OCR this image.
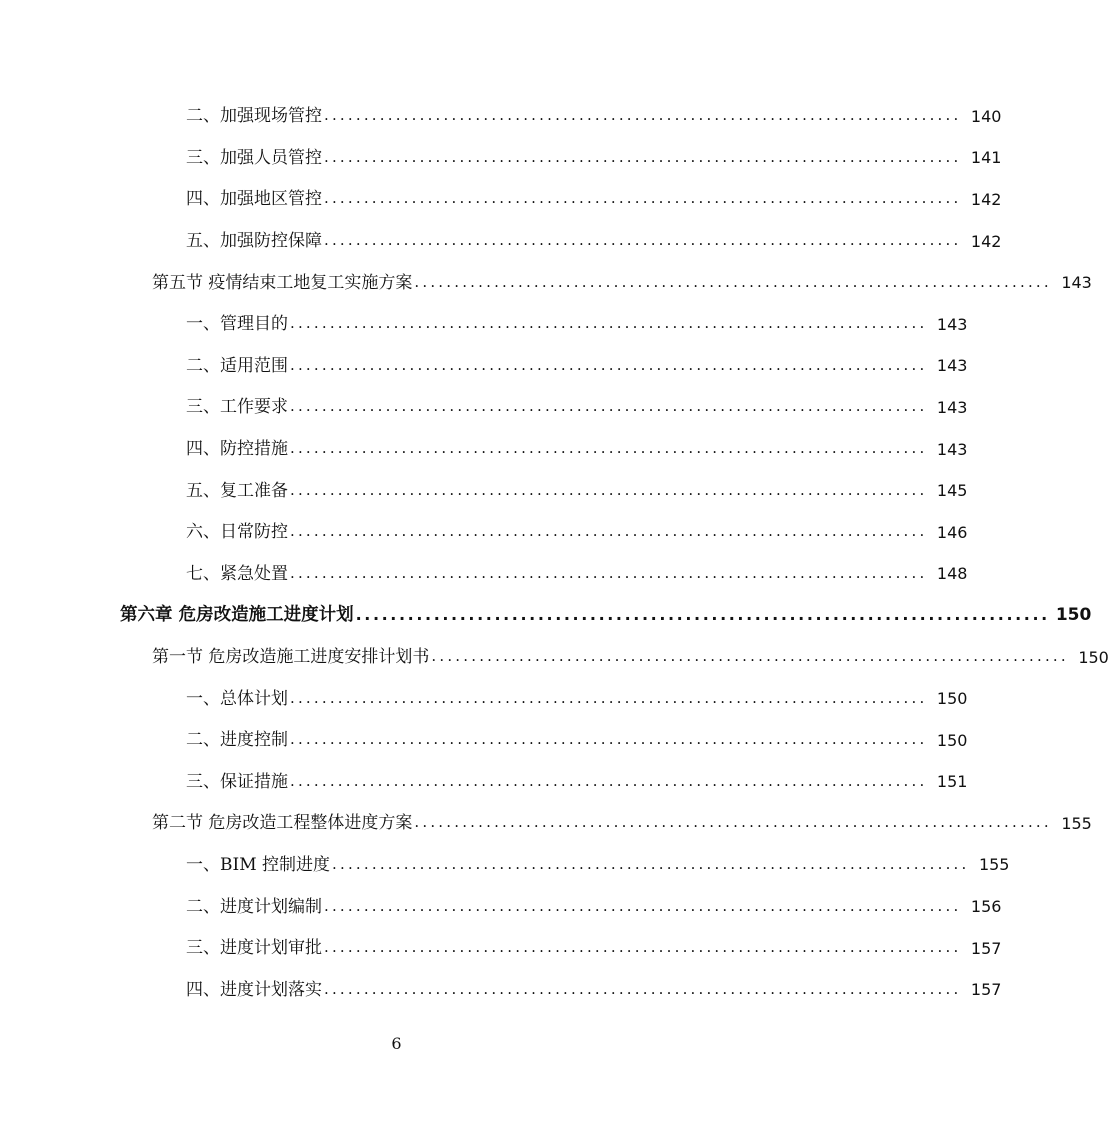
二、加强现场管控 ................................................................................ 140
三、加强人员管控 ................................................................................ 141
四、加强地区管控 ................................................................................ 142
五、加强防控保障 ................................................................................ 142
第五节 疫情结束工地复工实施方案 ................................................................................ 143
一、管理目的 ................................................................................ 143
二、适用范围 ................................................................................ 143
三、工作要求 ................................................................................ 143
四、防控措施 ................................................................................ 143
五、复工准备 ................................................................................ 145
六、日常防控 ................................................................................ 146
七、紧急处置 ................................................................................ 148
第六章 危房改造施工进度计划 ................................................................................ 150
第一节 危房改造施工进度安排计划书 ................................................................................ 150
一、总体计划 ................................................................................ 150
二、进度控制 ................................................................................ 150
三、保证措施 ................................................................................ 151
第二节 危房改造工程整体进度方案 ................................................................................ 155
一、BIM 控制进度 ................................................................................ 155
二、进度计划编制 ................................................................................ 156
三、进度计划审批 ................................................................................ 157
四、进度计划落实 ................................................................................ 157
6
